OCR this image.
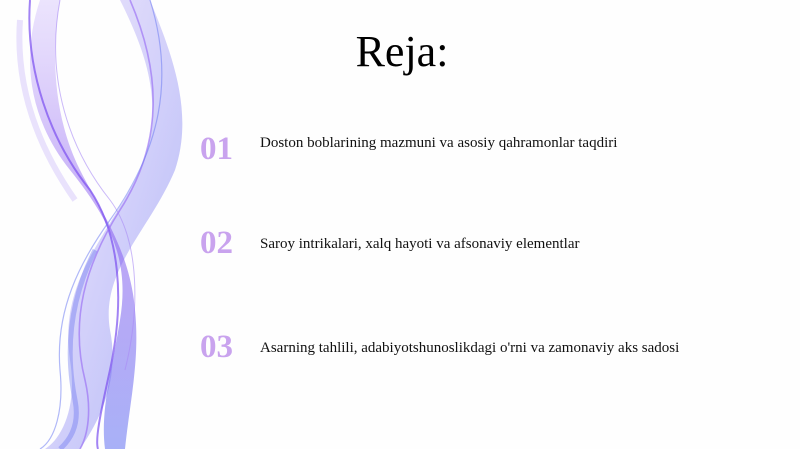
Reja:
01	Doston boblarining mazmuni va asosiy qahramonlar taqdiri
02	Saroy intrikalari, xalq hayoti va afsonaviy elementlar
03	Asarning tahlili, adabiyotshunoslikdagi o'rni va zamonaviy aks sadosi
